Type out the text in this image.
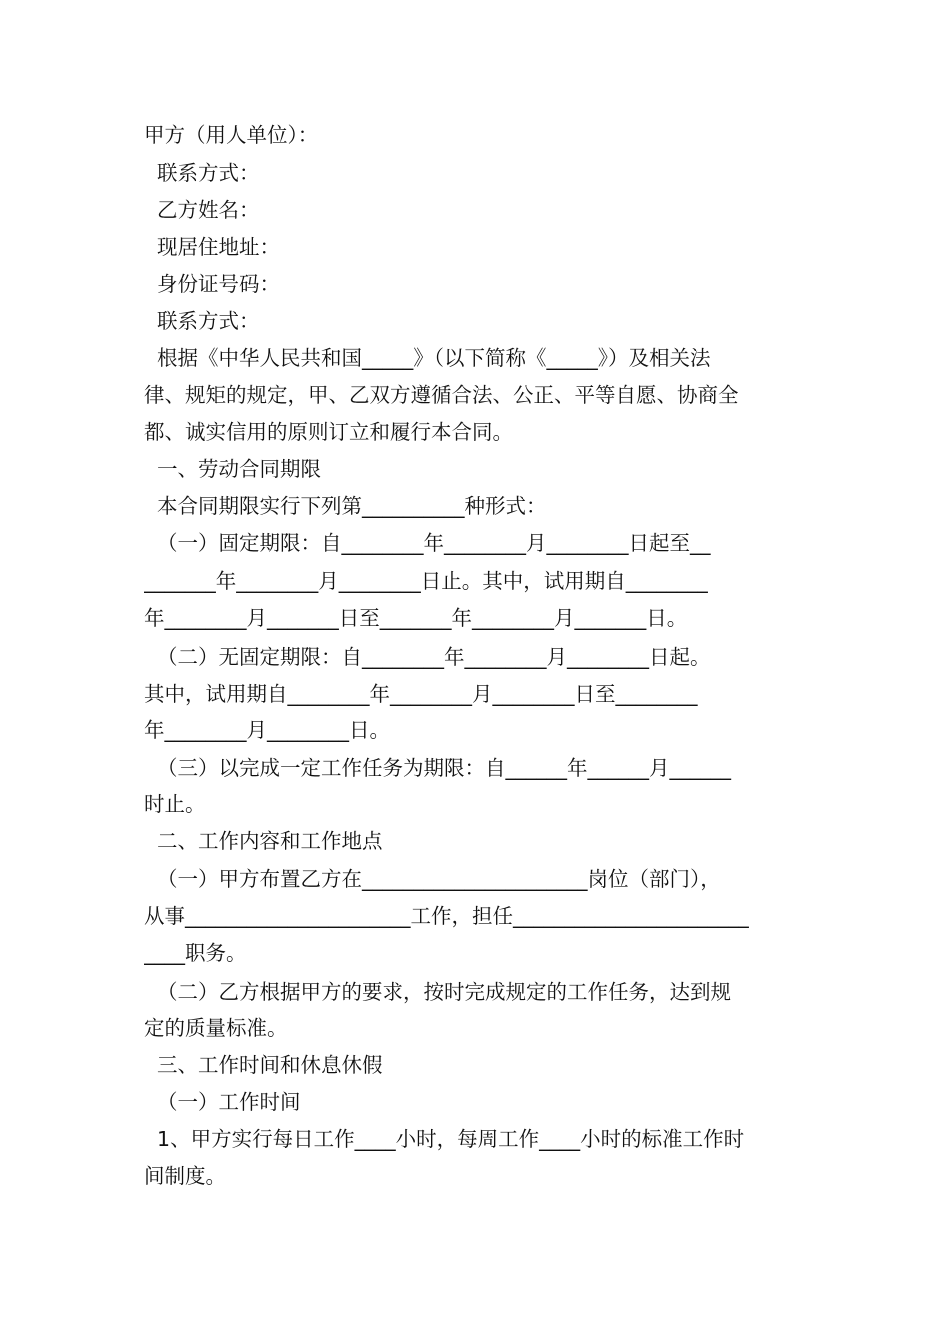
甲方（用人单位）：
联系方式：
乙方姓名：
现居住地址：
身份证号码：
联系方式：
根据《中华人民共和国_____》（以下简称《_____》）及相关法
律、规矩的规定，甲、乙双方遵循合法、公正、平等自愿、协商全
都、诚实信用的原则订立和履行本合同。
一、劳动合同期限
本合同期限实行下列第__________种形式：
（一）固定期限：自________年________月________日起至__
_______年________月________日止。其中，试用期自________
年________月_______日至_______年________月_______日。
（二）无固定期限：自________年________月________日起。
其中，试用期自________年________月________日至________
年________月________日。
（三）以完成一定工作任务为期限：自______年______月______
时止。
二、工作内容和工作地点
（一）甲方布置乙方在______________________岗位（部门），
从事______________________工作，担任_______________________
____职务。
（二）乙方根据甲方的要求，按时完成规定的工作任务，达到规
定的质量标准。
三、工作时间和休息休假
（一）工作时间
1、甲方实行每日工作____小时，每周工作____小时的标准工作时
间制度。
